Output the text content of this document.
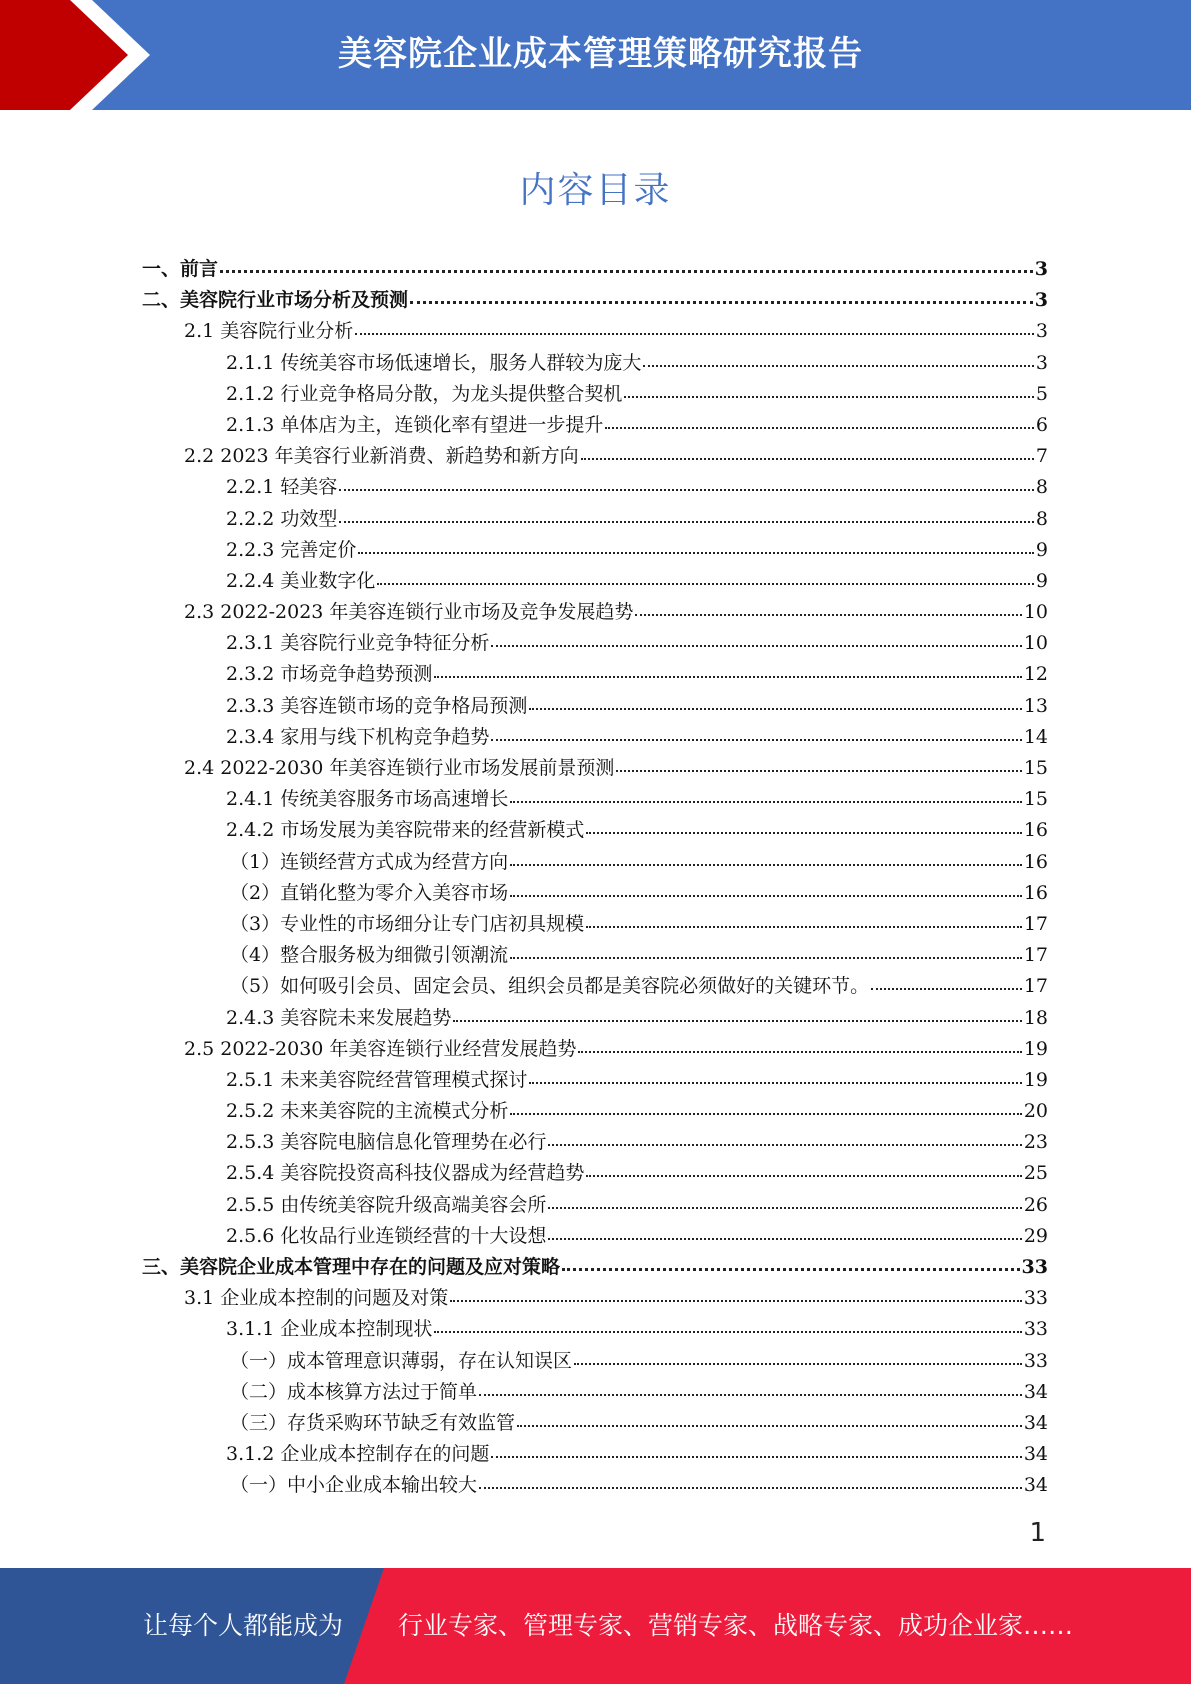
美容院企业成本管理策略研究报告
内容目录
一、前言	3
二、美容院行业市场分析及预测	3
2.1 美容院行业分析	3
2.1.1 传统美容市场低速增长，服务人群较为庞大	3
2.1.2 行业竞争格局分散，为龙头提供整合契机	5
2.1.3 单体店为主，连锁化率有望进一步提升	6
2.2 2023 年美容行业新消费、新趋势和新方向	7
2.2.1 轻美容	8
2.2.2 功效型	8
2.2.3 完善定价	9
2.2.4 美业数字化	9
2.3 2022-2023 年美容连锁行业市场及竞争发展趋势	10
2.3.1 美容院行业竞争特征分析	10
2.3.2 市场竞争趋势预测	12
2.3.3 美容连锁市场的竞争格局预测	13
2.3.4 家用与线下机构竞争趋势	14
2.4 2022-2030 年美容连锁行业市场发展前景预测	15
2.4.1 传统美容服务市场高速增长	15
2.4.2 市场发展为美容院带来的经营新模式	16
（1）连锁经营方式成为经营方向	16
（2）直销化整为零介入美容市场	16
（3）专业性的市场细分让专门店初具规模	17
（4）整合服务极为细微引领潮流	17
（5）如何吸引会员、固定会员、组织会员都是美容院必须做好的关键环节。	17
2.4.3 美容院未来发展趋势	18
2.5 2022-2030 年美容连锁行业经营发展趋势	19
2.5.1 未来美容院经营管理模式探讨	19
2.5.2 未来美容院的主流模式分析	20
2.5.3 美容院电脑信息化管理势在必行	23
2.5.4 美容院投资高科技仪器成为经营趋势	25
2.5.5 由传统美容院升级高端美容会所	26
2.5.6 化妆品行业连锁经营的十大设想	29
三、美容院企业成本管理中存在的问题及应对策略	33
3.1 企业成本控制的问题及对策	33
3.1.1 企业成本控制现状	33
（一）成本管理意识薄弱，存在认知误区	33
（二）成本核算方法过于简单	34
（三）存货采购环节缺乏有效监管	34
3.1.2 企业成本控制存在的问题	34
（一）中小企业成本输出较大	34
1
让每个人都能成为 行业专家、管理专家、营销专家、战略专家、成功企业家……
